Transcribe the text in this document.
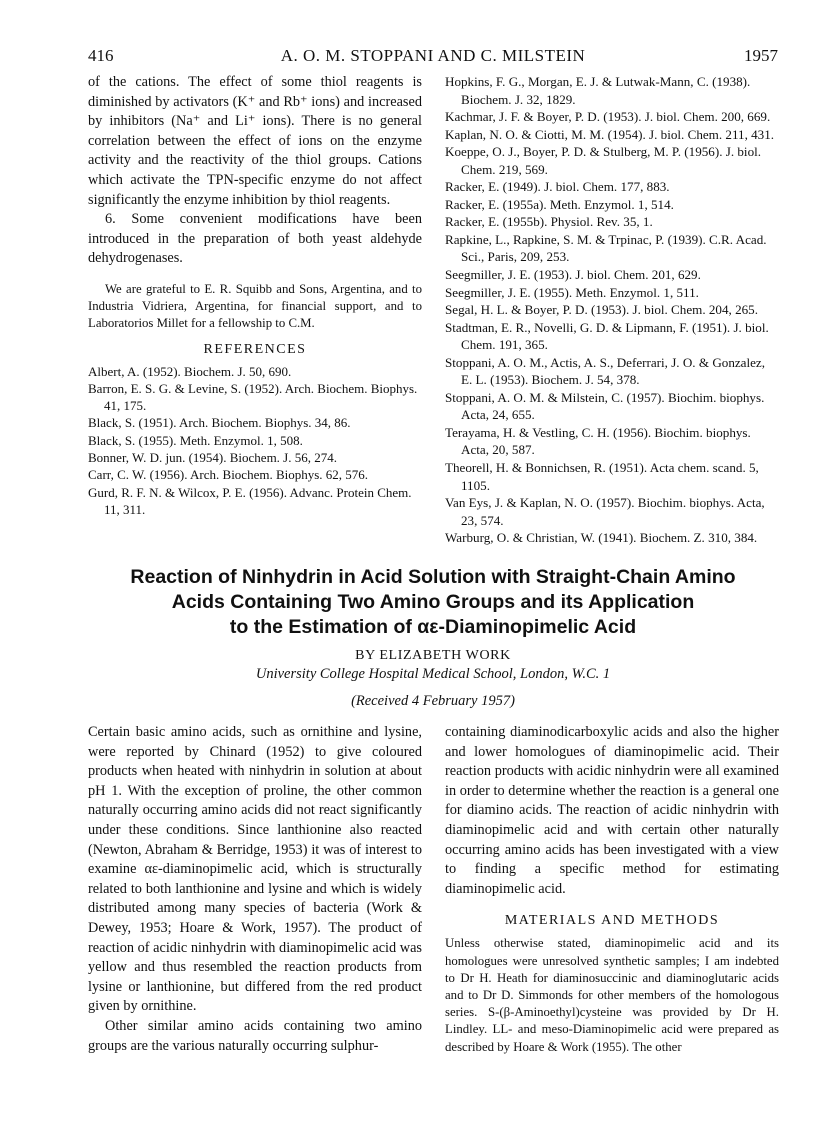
416	A. O. M. STOPPANI AND C. MILSTEIN	1957

of the cations. The effect of some thiol reagents is diminished by activators (K⁺ and Rb⁺ ions) and increased by inhibitors (Na⁺ and Li⁺ ions). There is no general correlation between the effect of ions on the enzyme activity and the reactivity of the thiol groups. Cations which activate the TPN-specific enzyme do not affect significantly the enzyme inhibition by thiol reagents.

6. Some convenient modifications have been introduced in the preparation of both yeast aldehyde dehydrogenases.

We are grateful to E. R. Squibb and Sons, Argentina, and to Industria Vidriera, Argentina, for financial support, and to Laboratorios Millet for a fellowship to C.M.

REFERENCES
Albert, A. (1952). Biochem. J. 50, 690.
Barron, E. S. G. & Levine, S. (1952). Arch. Biochem. Biophys. 41, 175.
Black, S. (1951). Arch. Biochem. Biophys. 34, 86.
Black, S. (1955). Meth. Enzymol. 1, 508.
Bonner, W. D. jun. (1954). Biochem. J. 56, 274.
Carr, C. W. (1956). Arch. Biochem. Biophys. 62, 576.
Gurd, R. F. N. & Wilcox, P. E. (1956). Advanc. Protein Chem. 11, 311.
Hopkins, F. G., Morgan, E. J. & Lutwak-Mann, C. (1938). Biochem. J. 32, 1829.
Kachmar, J. F. & Boyer, P. D. (1953). J. biol. Chem. 200, 669.
Kaplan, N. O. & Ciotti, M. M. (1954). J. biol. Chem. 211, 431.
Koeppe, O. J., Boyer, P. D. & Stulberg, M. P. (1956). J. biol. Chem. 219, 569.
Racker, E. (1949). J. biol. Chem. 177, 883.
Racker, E. (1955a). Meth. Enzymol. 1, 514.
Racker, E. (1955b). Physiol. Rev. 35, 1.
Rapkine, L., Rapkine, S. M. & Trpinac, P. (1939). C.R. Acad. Sci., Paris, 209, 253.
Seegmiller, J. E. (1953). J. biol. Chem. 201, 629.
Seegmiller, J. E. (1955). Meth. Enzymol. 1, 511.
Segal, H. L. & Boyer, P. D. (1953). J. biol. Chem. 204, 265.
Stadtman, E. R., Novelli, G. D. & Lipmann, F. (1951). J. biol. Chem. 191, 365.
Stoppani, A. O. M., Actis, A. S., Deferrari, J. O. & Gonzalez, E. L. (1953). Biochem. J. 54, 378.
Stoppani, A. O. M. & Milstein, C. (1957). Biochim. biophys. Acta, 24, 655.
Terayama, H. & Vestling, C. H. (1956). Biochim. biophys. Acta, 20, 587.
Theorell, H. & Bonnichsen, R. (1951). Acta chem. scand. 5, 1105.
Van Eys, J. & Kaplan, N. O. (1957). Biochim. biophys. Acta, 23, 574.
Warburg, O. & Christian, W. (1941). Biochem. Z. 310, 384.
Reaction of Ninhydrin in Acid Solution with Straight-Chain Amino
Acids Containing Two Amino Groups and its Application
to the Estimation of αε-Diaminopimelic Acid
BY ELIZABETH WORK
University College Hospital Medical School, London, W.C. 1
(Received 4 February 1957)

Certain basic amino acids, such as ornithine and lysine, were reported by Chinard (1952) to give coloured products when heated with ninhydrin in solution at about pH 1. With the exception of proline, the other common naturally occurring amino acids did not react significantly under these conditions. Since lanthionine also reacted (Newton, Abraham & Berridge, 1953) it was of interest to examine αε-diaminopimelic acid, which is structurally related to both lanthionine and lysine and which is widely distributed among many species of bacteria (Work & Dewey, 1953; Hoare & Work, 1957). The product of reaction of acidic ninhydrin with diaminopimelic acid was yellow and thus resembled the reaction products from lysine or lanthionine, but differed from the red product given by ornithine.

Other similar amino acids containing two amino groups are the various naturally occurring sulphur-

containing diaminodicarboxylic acids and also the higher and lower homologues of diaminopimelic acid. Their reaction products with acidic ninhydrin were all examined in order to determine whether the reaction is a general one for diamino acids. The reaction of acidic ninhydrin with diaminopimelic acid and with certain other naturally occurring amino acids has been investigated with a view to finding a specific method for estimating diaminopimelic acid.

MATERIALS AND METHODS

Unless otherwise stated, diaminopimelic acid and its homologues were unresolved synthetic samples; I am indebted to Dr H. Heath for diaminosuccinic and diaminoglutaric acids and to Dr D. Simmonds for other members of the homologous series. S-(β-Aminoethyl)cysteine was provided by Dr H. Lindley. LL- and meso-Diaminopimelic acid were prepared as described by Hoare & Work (1955). The other
